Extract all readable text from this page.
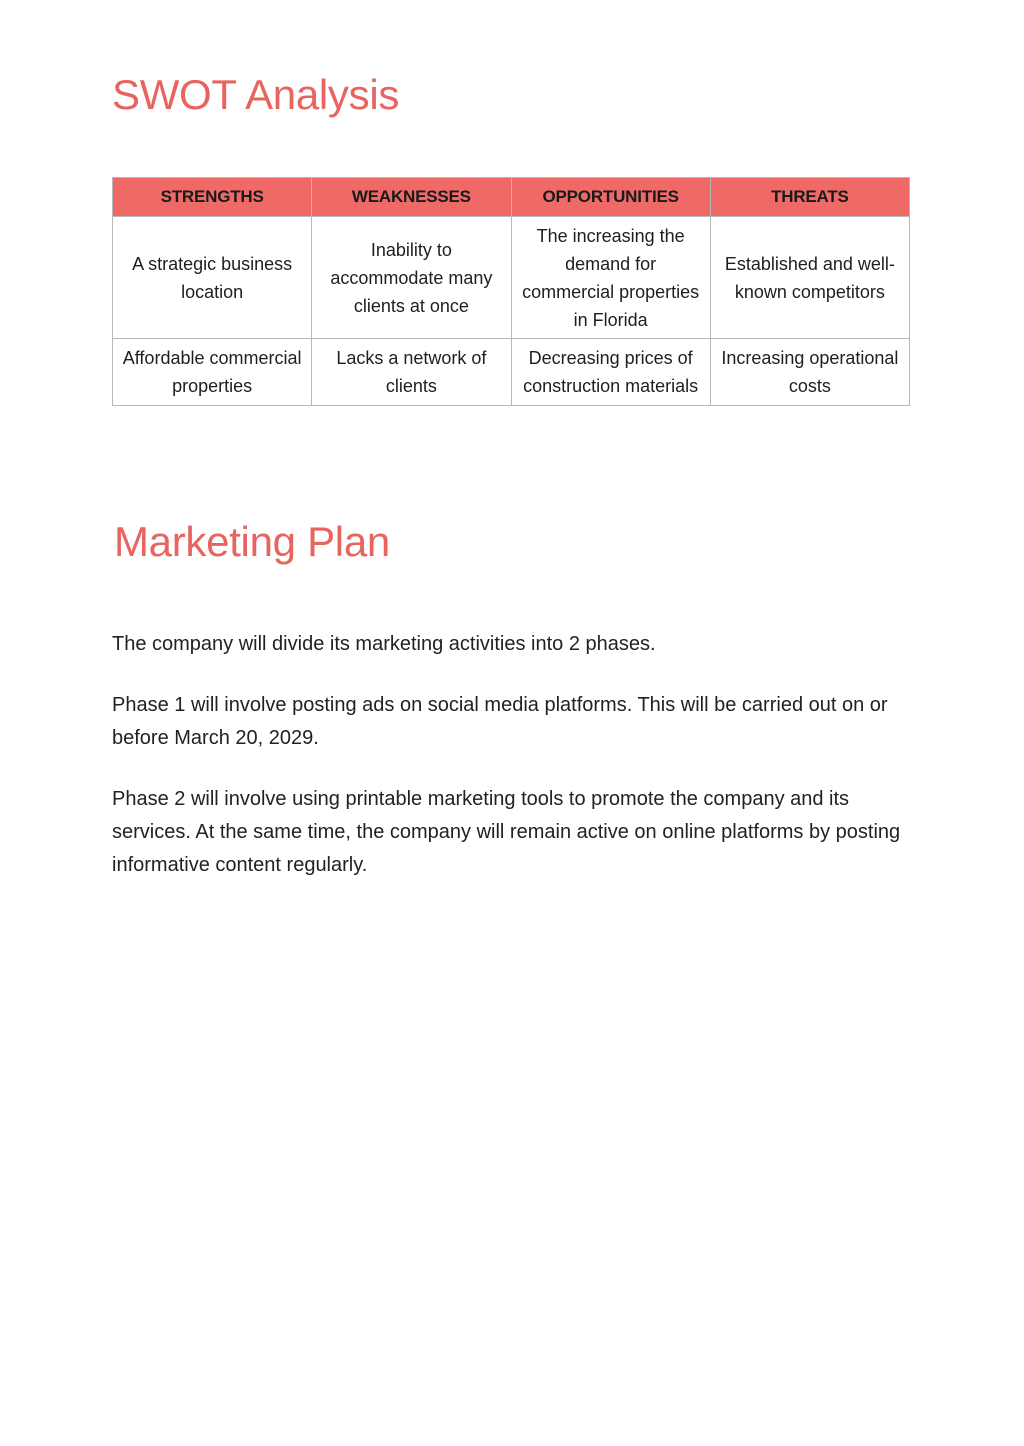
SWOT Analysis
STRENGTHS	WEAKNESSES	OPPORTUNITIES	THREATS
A strategic business location	Inability to accommodate many clients at once	The increasing the demand for commercial properties in Florida	Established and well-known competitors
Affordable commercial properties	Lacks a network of clients	Decreasing prices of construction materials	Increasing operational costs
Marketing Plan

The company will divide its marketing activities into 2 phases.

Phase 1 will involve posting ads on social media platforms. This will be carried out on or before March 20, 2029.

Phase 2 will involve using printable marketing tools to promote the company and its services. At the same time, the company will remain active on online platforms by posting informative content regularly.
